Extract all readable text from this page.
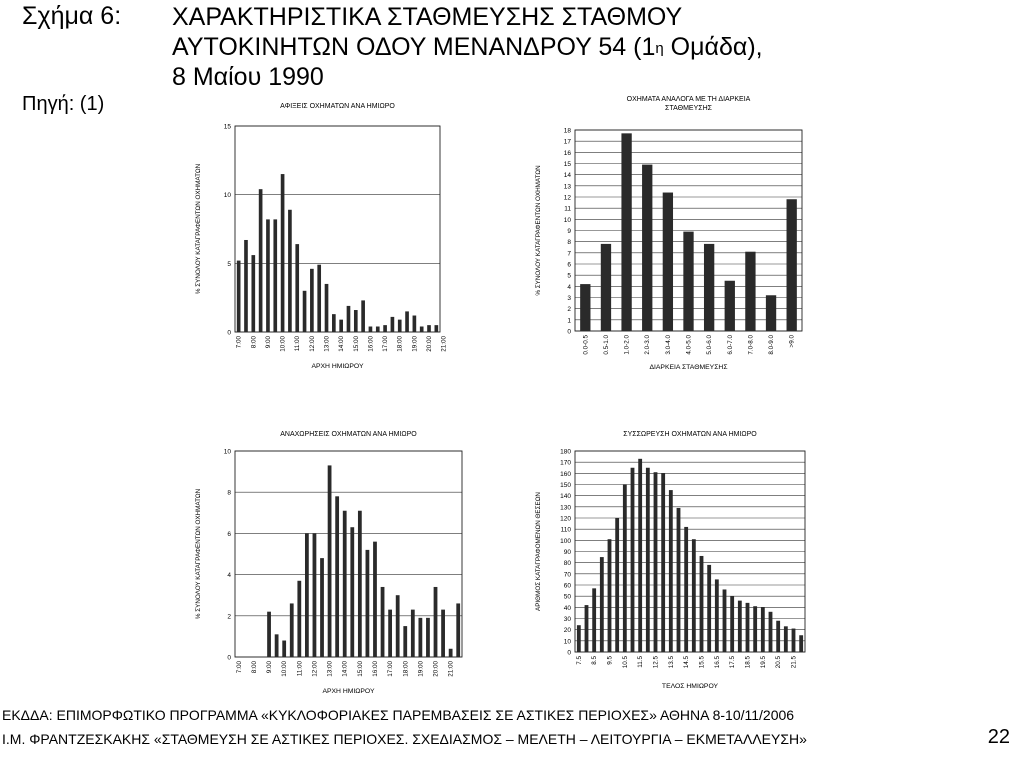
Σχήμα 6: ΧΑΡΑΚΤΗΡΙΣΤΙΚΑ ΣΤΑΘΜΕΥΣΗΣ ΣΤΑΘΜΟΥ
ΑΥΤΟΚΙΝΗΤΩΝ ΟΔΟΥ ΜΕΝΑΝΔΡΟΥ 54 ($1^\eta$ Ομάδα),
8 Μαίου 1990
Πηγή: (1)	ΑΦΙΞΕΙΣ ΟΧΗΜΑΤΩΝ ΑΝΑ ΗΜΙΩΡΟ
0
5
10
15
7:00 8:00 9:00 10:00 11:00 12:00 13:00 14:00 15:00 16:00 17:00 18:00 19:00 20:00 21:00
ΑΡΧΗ ΗΜΙΩΡΟΥ
% ΣΥΝΟΛΟΥ ΚΑΤΑΓΡΑΦΕΝΤΩΝ ΟΧΗΜΑΤΩΝ
ΟΧΗΜΑΤΑ ΑΝΑΛΟΓΑ ΜΕ ΤΗ ΔΙΑΡΚΕΙΑ
ΣΤΑΘΜΕΥΣΗΣ
0
1
2
3
4
5
6
7
8
9
10
11
12
13
14
15
16
17
18
0.0-0.5 0.5-1.0 1.0-2.0 2.0-3.0 3.0-4.0 4.0-5.0 5.0-6.0 6.0-7.0 7.0-8.0 8.0-9.0 >9.0
ΔΙΑΡΚΕΙΑ ΣΤΑΘΜΕΥΣΗΣ
% ΣΥΝΟΛΟΥ ΚΑΤΑΓΡΑΦΕΝΤΩΝ ΟΧΗΜΑΤΩΝ
ΑΝΑΧΩΡΗΣΕΙΣ ΟΧΗΜΑΤΩΝ ΑΝΑ ΗΜΙΩΡΟ
0
2
4
6
8
10
7:00 8:00 9:00 10:00 11:00 12:00 13:00 14:00 15:00 16:00 17:00 18:00 19:00 20:00 21:00
ΑΡΧΗ ΗΜΙΩΡΟΥ
% ΣΥΝΟΛΟΥ ΚΑΤΑΓΡΑΦΕΝΤΩΝ ΟΧΗΜΑΤΩΝ
ΣΥΣΣΩΡΕΥΣΗ ΟΧΗΜΑΤΩΝ ΑΝΑ ΗΜΙΩΡΟ
0
10
20
30
40
50
60
70
80
90
100
110
120
130
140
150
160
170
180
7.5 8.5 9.5 10.5 11.5 12.5 13.5 14.5 15.5 16.5 17.5 18.5 19.5 20.5 21.5
ΤΕΛΟΣ ΗΜΙΩΡΟΥ
ΑΡΙΘΜΟΣ ΚΑΤΑΓΡΑΦΟΜΕΝΩΝ ΘΕΣΕΩΝ
ΕΚΔΔΑ: ΕΠΙΜΟΡΦΩΤΙΚΟ ΠΡΟΓΡΑΜΜΑ «ΚΥΚΛΟΦΟΡΙΑΚΕΣ ΠΑΡΕΜΒΑΣΕΙΣ ΣΕ ΑΣΤΙΚΕΣ ΠΕΡΙΟΧΕΣ» ΑΘΗΝΑ 8-10/11/2006
Ι.Μ. ΦΡΑΝΤΖΕΣΚΑΚΗΣ «ΣΤΑΘΜΕΥΣΗ ΣΕ ΑΣΤΙΚΕΣ ΠΕΡΙΟΧΕΣ. ΣΧΕΔΙΑΣΜΟΣ – ΜΕΛΕΤΗ – ΛΕΙΤΟΥΡΓΙΑ – ΕΚΜΕΤΑΛΛΕΥΣΗ»	22
